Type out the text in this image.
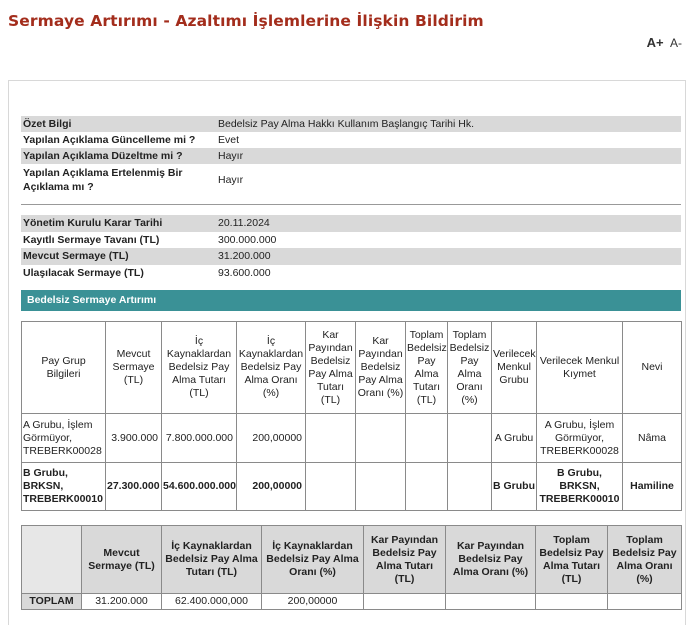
Sermaye Artırımı - Azaltımı İşlemlerine İlişkin Bildirim
A+ A-
Özet Bilgi	Bedelsiz Pay Alma Hakkı Kullanım Başlangıç Tarihi Hk.
Yapılan Açıklama Güncelleme mi ?	Evet
Yapılan Açıklama Düzeltme mi ?	Hayır
Yapılan Açıklama Ertelenmiş Bir Açıklama mı ?	Hayır
Yönetim Kurulu Karar Tarihi	20.11.2024
Kayıtlı Sermaye Tavanı (TL)	300.000.000
Mevcut Sermaye (TL)	31.200.000
Ulaşılacak Sermaye (TL)	93.600.000
Bedelsiz Sermaye Artırımı
Pay Grup Bilgileri	Mevcut Sermaye (TL)	İç Kaynaklardan Bedelsiz Pay Alma Tutarı (TL)	İç Kaynaklardan Bedelsiz Pay Alma Oranı (%)	Kar Payından Bedelsiz Pay Alma Tutarı (TL)	Kar Payından Bedelsiz Pay Alma Oranı (%)	Toplam Bedelsiz Pay Alma Tutarı (TL)	Toplam Bedelsiz Pay Alma Oranı (%)	Verilecek Menkul Grubu	Verilecek Menkul Kıymet	Nevi
A Grubu, İşlem Görmüyor, TREBERK00028	3.900.000	7.800.000.000	200,00000					A Grubu	A Grubu, İşlem Görmüyor, TREBERK00028	Nâma
B Grubu, BRKSN, TREBERK00010	27.300.000	54.600.000.000	200,00000					B Grubu	B Grubu, BRKSN, TREBERK00010	Hamiline
	Mevcut Sermaye (TL)	İç Kaynaklardan Bedelsiz Pay Alma Tutarı (TL)	İç Kaynaklardan Bedelsiz Pay Alma Oranı (%)	Kar Payından Bedelsiz Pay Alma Tutarı (TL)	Kar Payından Bedelsiz Pay Alma Oranı (%)	Toplam Bedelsiz Pay Alma Tutarı (TL)	Toplam Bedelsiz Pay Alma Oranı (%)
TOPLAM	31.200.000	62.400.000,000	200,00000				
